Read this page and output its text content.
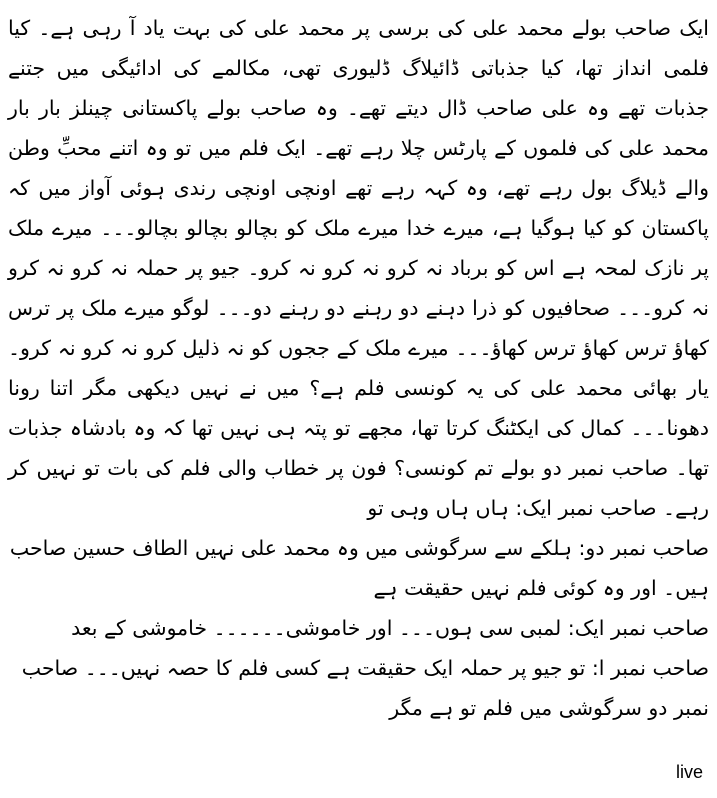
ایک صاحب بولے محمد علی کی برسی پر محمد علی کی بہت یاد آ رہی ہے۔ کیا فلمی انداز تھا، کیا جذباتی ڈائیلاگ ڈلیوری تھی، مکالمے کی ادائیگی میں جتنے جذبات تھے وہ علی صاحب ڈال دیتے تھے۔ وہ صاحب بولے پاکستانی چینلز بار بار محمد علی کی فلموں کے پارٹس چلا رہے تھے۔ ایک فلم میں تو وہ اتنے محبِّ وطن والے ڈیلاگ بول رہے تھے، وہ کہہ رہے تھے اونچی اونچی رندی ہوئی آواز میں کہ پاکستان کو کیا ہوگیا ہے، میرے خدا میرے ملک کو بچالو بچالو بچالو۔۔۔ میرے ملک پر نازک لمحہ ہے اس کو برباد نہ کرو نہ کرو نہ کرو۔ جیو پر حملہ نہ کرو نہ کرو نہ کرو۔۔۔ صحافیوں کو ذرا دہنے دو رہنے دو رہنے دو۔۔۔ لوگو میرے ملک پر ترس کھاؤ ترس کھاؤ ترس کھاؤ۔۔۔ میرے ملک کے ججوں کو نہ ذلیل کرو نہ کرو نہ کرو۔ یار بھائی محمد علی کی یہ کونسی فلم ہے؟ میں نے نہیں دیکھی مگر اتنا رونا دھونا۔۔۔ کمال کی ایکٹنگ کرتا تھا، مجھے تو پتہ ہی نہیں تھا کہ وہ بادشاہ جذبات تھا۔ صاحب نمبر دو بولے تم کونسی؟ فون پر خطاب والی فلم کی بات تو نہیں کر رہے۔ صاحب نمبر ایک: ہاں ہاں وہی تو

صاحب نمبر دو: ہلکے سے سرگوشی میں وہ محمد علی نہیں الطاف حسین صاحب ہیں۔ اور وہ کوئی فلم نہیں حقیقت ہے

صاحب نمبر ایک: لمبی سی ہوں۔۔۔ اور خاموشی۔۔۔۔۔۔ خاموشی کے بعد

صاحب نمبر ا: تو جیو پر حملہ ایک حقیقت ہے کسی فلم کا حصہ نہیں۔۔۔ صاحب نمبر دو سرگوشی میں فلم تو ہے مگر

live
